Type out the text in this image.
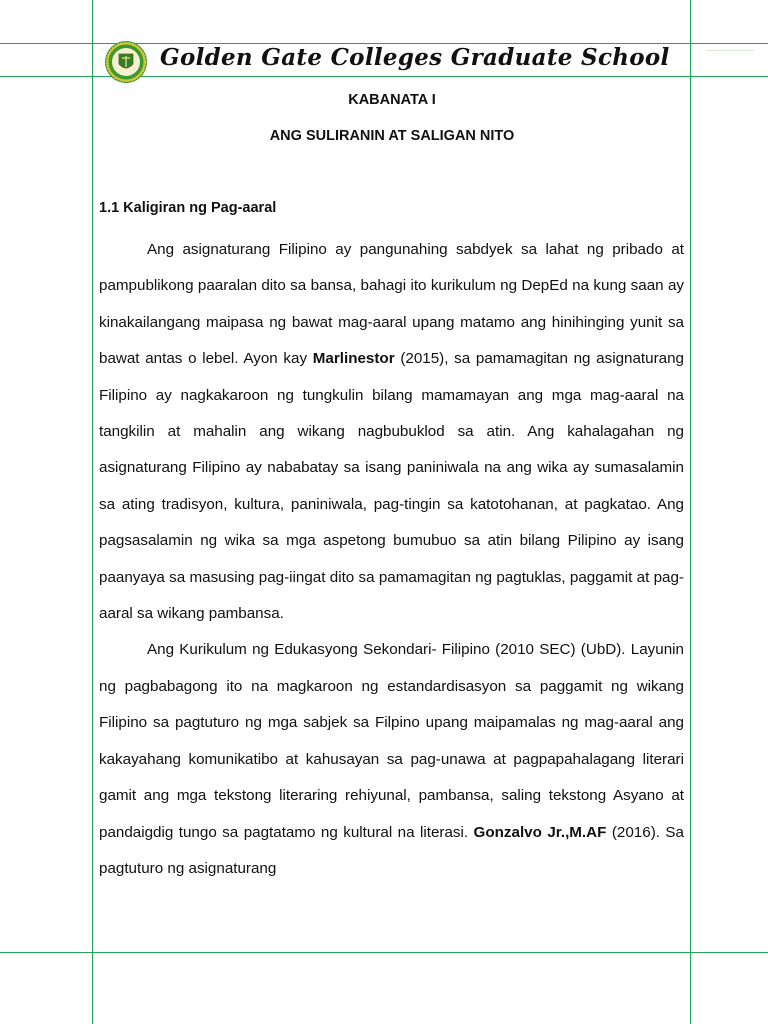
Golden Gate Colleges Graduate School
KABANATA I
ANG SULIRANIN AT SALIGAN NITO
1.1 Kaligiran ng Pag-aaral

Ang asignaturang Filipino ay pangunahing sabdyek sa lahat ng pribado at pampublikong paaralan dito sa bansa, bahagi ito kurikulum ng DepEd na kung saan ay kinakailangang maipasa ng bawat mag-aaral upang matamo ang hinihinging yunit sa bawat antas o lebel. Ayon kay Marlinestor (2015), sa pamamagitan ng asignaturang Filipino ay nagkakaroon ng tungkulin bilang mamamayan ang mga mag-aaral na tangkilin at mahalin ang wikang nagbubuklod sa atin. Ang kahalagahan ng asignaturang Filipino ay nababatay sa isang paniniwala na ang wika ay sumasalamin sa ating tradisyon, kultura, paniniwala, pag-tingin sa katotohanan, at pagkatao. Ang pagsasalamin ng wika sa mga aspetong bumubuo sa atin bilang Pilipino ay isang paanyaya sa masusing pag-iingat dito sa pamamagitan ng pagtuklas, paggamit at pag-aaral sa wikang pambansa.

Ang Kurikulum ng Edukasyong Sekondari- Filipino (2010 SEC) (UbD). Layunin ng pagbabagong ito na magkaroon ng estandardisasyon sa paggamit ng wikang Filipino sa pagtuturo ng mga sabjek sa Filpino upang maipamalas ng mag-aaral ang kakayahang komunikatibo at kahusayan sa pag-unawa at pagpapahalagang literari gamit ang mga tekstong literaring rehiyunal, pambansa, saling tekstong Asyano at pandaigdig tungo sa pagtatamo ng kultural na literasi. Gonzalvo Jr.,M.AF (2016). Sa pagtuturo ng asignaturang
